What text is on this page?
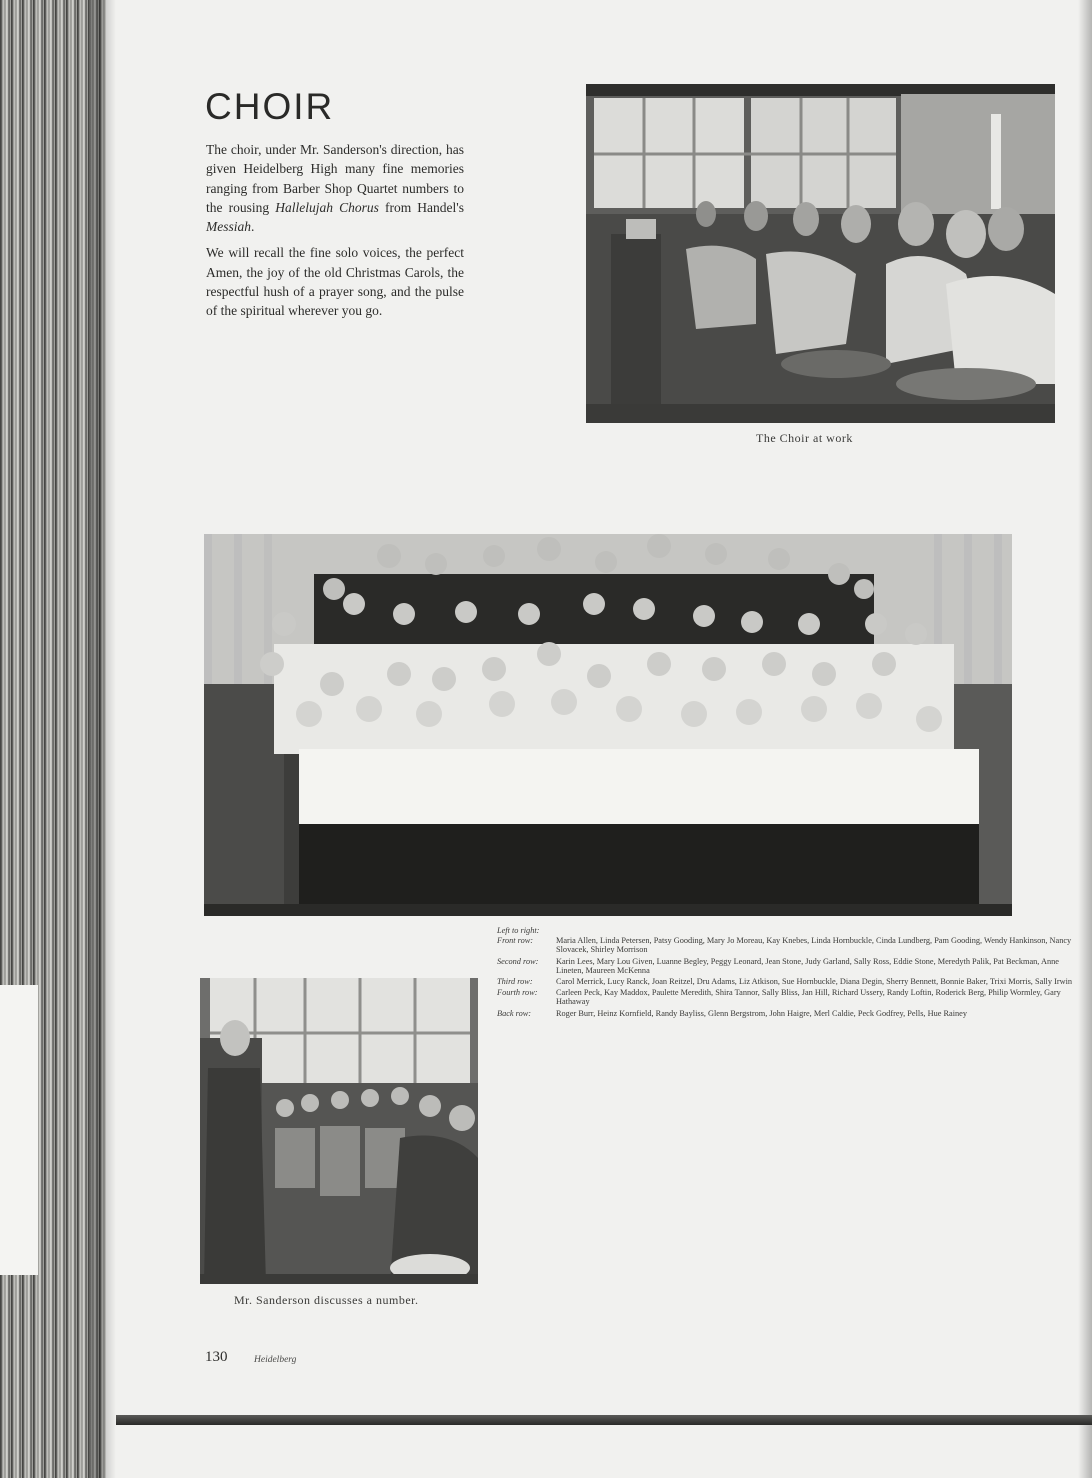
CHOIR

The choir, under Mr. Sanderson's direction, has given Heidelberg High many fine memories ranging from Barber Shop Quartet numbers to the rousing Hallelujah Chorus from Handel's Messiah.

We will recall the fine solo voices, the perfect Amen, the joy of the old Christmas Carols, the respectful hush of a prayer song, and the pulse of the spiritual wherever you go.

The Choir at work

Left to right:
Front row:	Maria Allen, Linda Petersen, Patsy Gooding, Mary Jo Moreau, Kay Knebes, Linda Hornbuckle, Cinda Lundberg, Pam Gooding, Wendy Hankinson, Nancy Slovacek, Shirley Morrison
Second row:	Karin Lees, Mary Lou Given, Luanne Begley, Peggy Leonard, Jean Stone, Judy Garland, Sally Ross, Eddie Stone, Meredyth Palik, Pat Beckman, Anne Lineten, Maureen McKenna
Third row:	Carol Merrick, Lucy Ranck, Joan Reitzel, Dru Adams, Liz Atkison, Sue Hornbuckle, Diana Degin, Sherry Bennett, Bonnie Baker, Trixi Morris, Sally Irwin
Fourth row:	Carleen Peck, Kay Maddox, Paulette Meredith, Shira Tannor, Sally Bliss, Jan Hill, Richard Ussery, Randy Loftin, Roderick Berg, Philip Wormley, Gary Hathaway
Back row:	Roger Burr, Heinz Kornfield, Randy Bayliss, Glenn Bergstrom, John Haigre, Merl Caldie, Peck Godfrey, Pells, Hue Rainey

Mr. Sanderson discusses a number.

130	Heidelberg
